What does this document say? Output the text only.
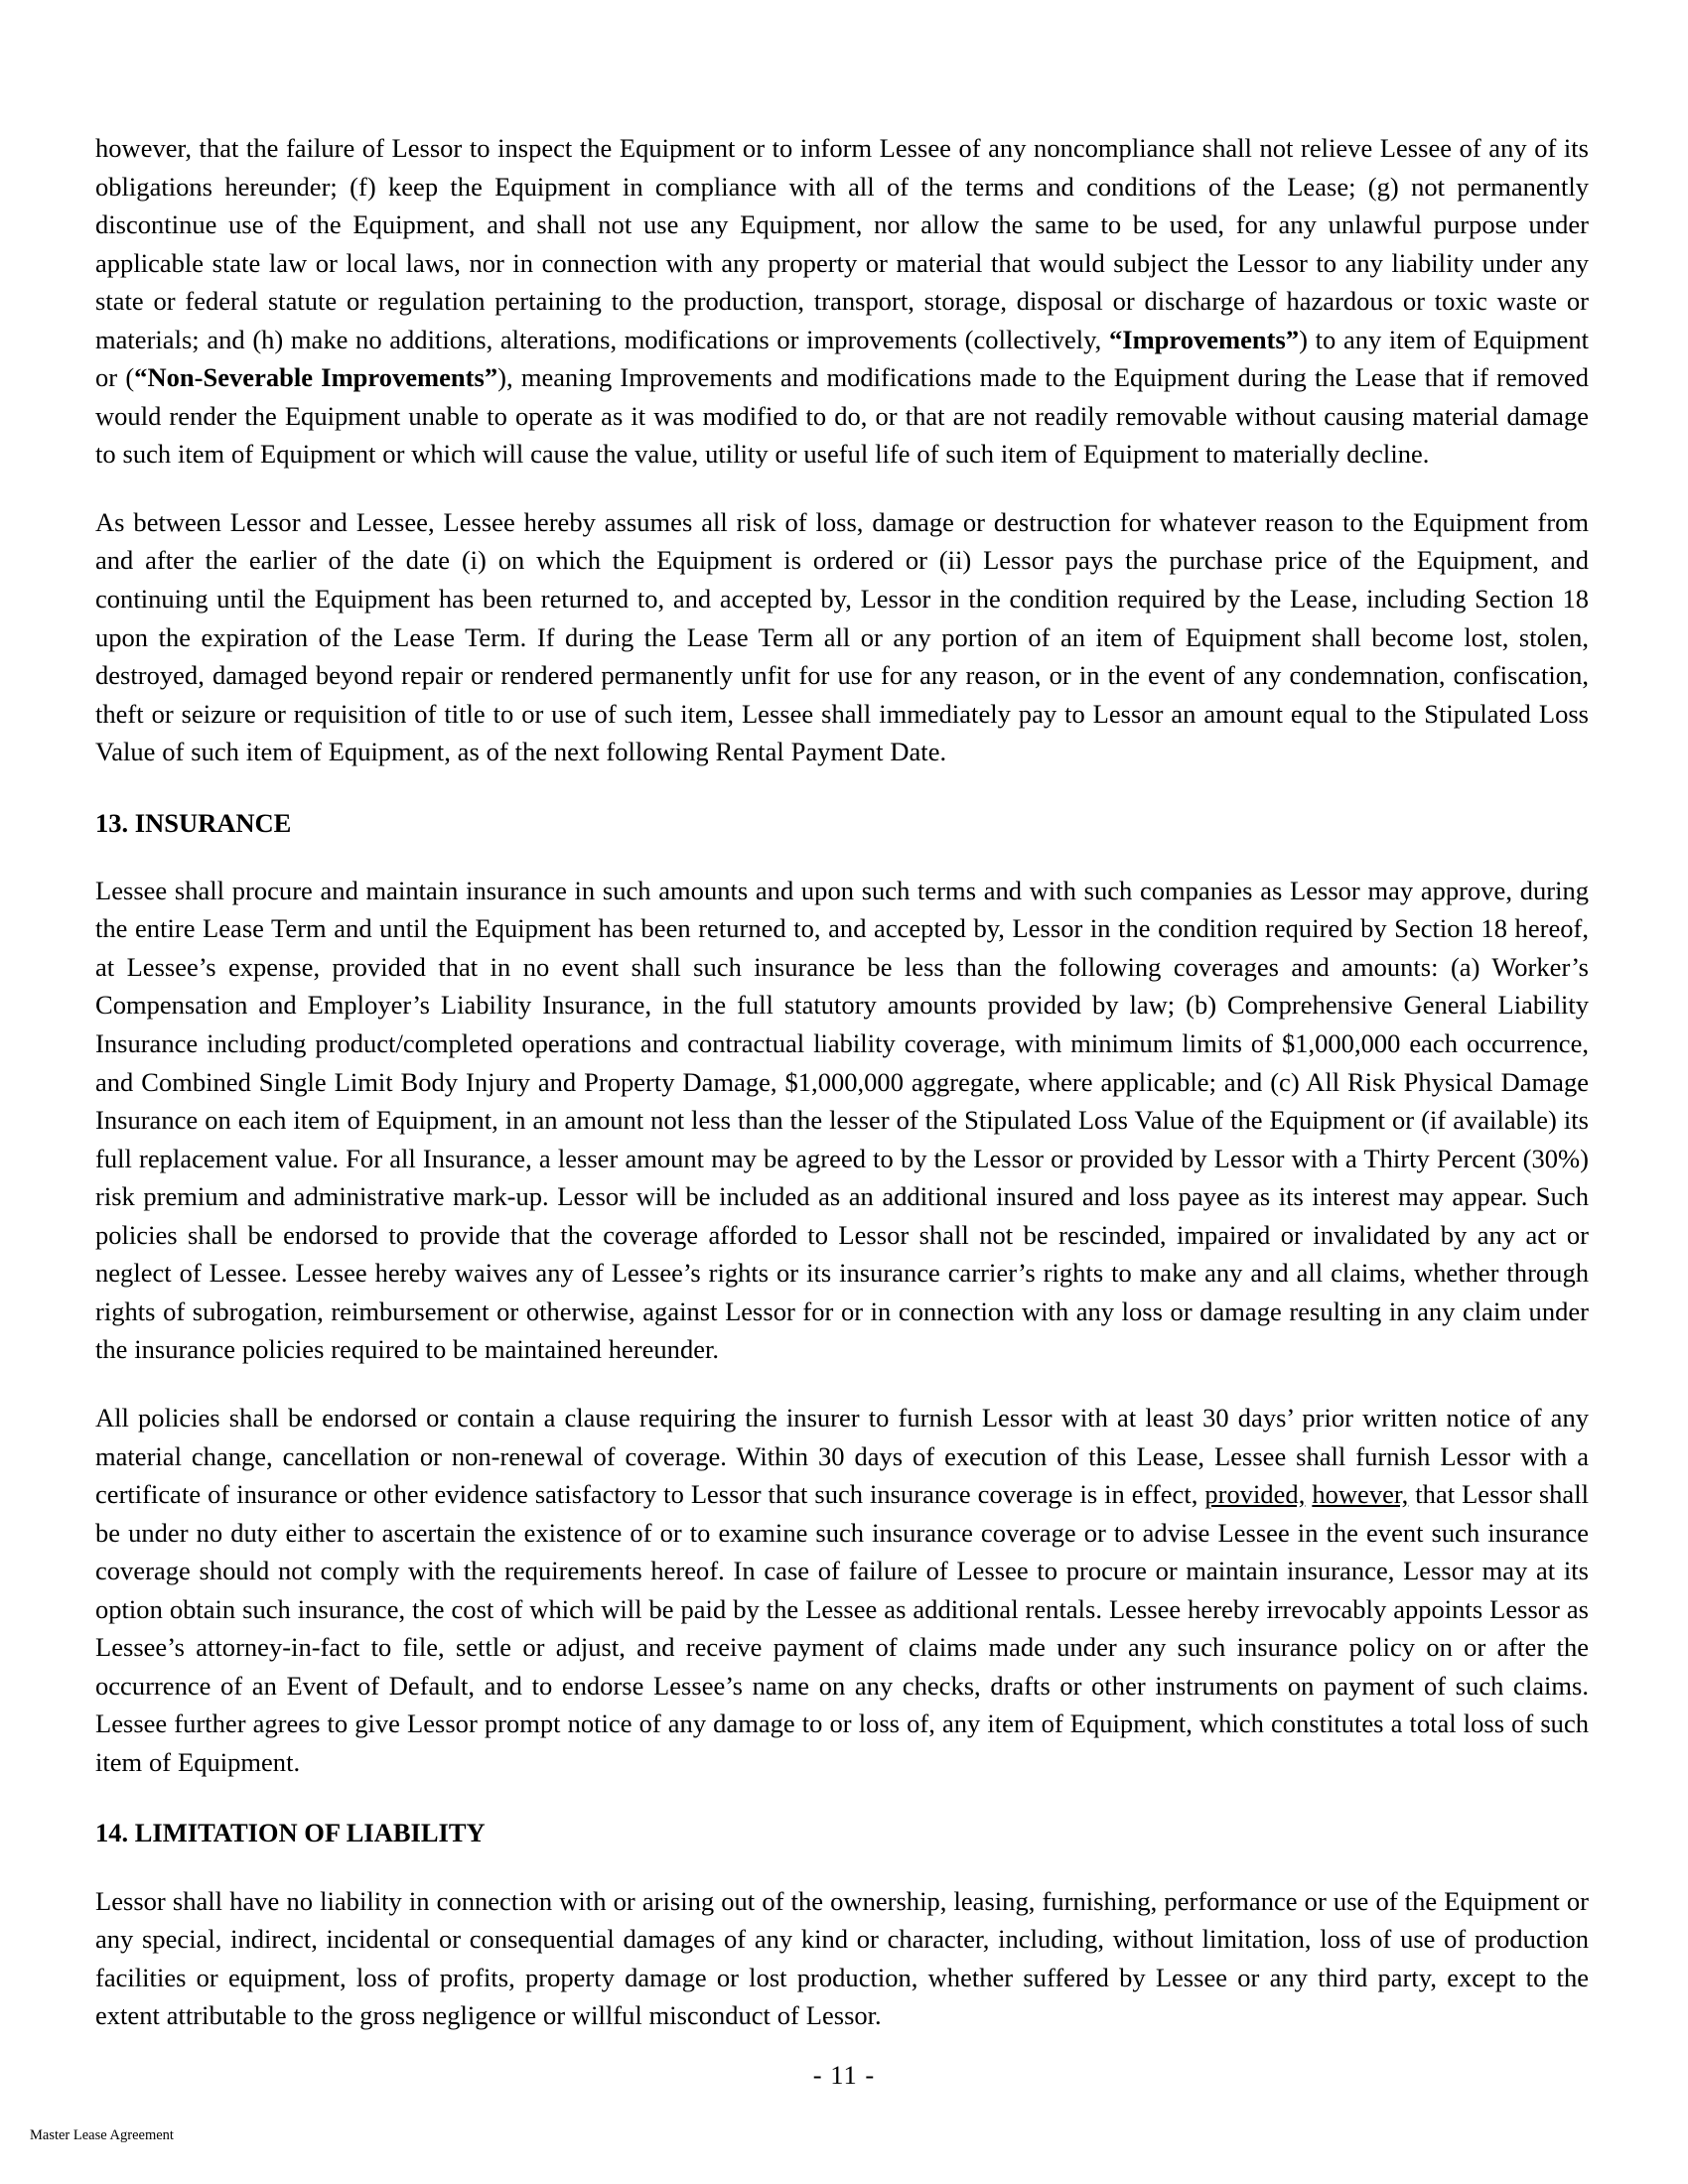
however, that the failure of Lessor to inspect the Equipment or to inform Lessee of any noncompliance shall not relieve Lessee of any of its obligations hereunder; (f) keep the Equipment in compliance with all of the terms and conditions of the Lease; (g) not permanently discontinue use of the Equipment, and shall not use any Equipment, nor allow the same to be used, for any unlawful purpose under applicable state law or local laws, nor in connection with any property or material that would subject the Lessor to any liability under any state or federal statute or regulation pertaining to the production, transport, storage, disposal or discharge of hazardous or toxic waste or materials; and (h) make no additions, alterations, modifications or improvements (collectively, “Improvements”) to any item of Equipment or (“Non-Severable Improvements”), meaning Improvements and modifications made to the Equipment during the Lease that if removed would render the Equipment unable to operate as it was modified to do, or that are not readily removable without causing material damage to such item of Equipment or which will cause the value, utility or useful life of such item of Equipment to materially decline.

As between Lessor and Lessee, Lessee hereby assumes all risk of loss, damage or destruction for whatever reason to the Equipment from and after the earlier of the date (i) on which the Equipment is ordered or (ii) Lessor pays the purchase price of the Equipment, and continuing until the Equipment has been returned to, and accepted by, Lessor in the condition required by the Lease, including Section 18 upon the expiration of the Lease Term. If during the Lease Term all or any portion of an item of Equipment shall become lost, stolen, destroyed, damaged beyond repair or rendered permanently unfit for use for any reason, or in the event of any condemnation, confiscation, theft or seizure or requisition of title to or use of such item, Lessee shall immediately pay to Lessor an amount equal to the Stipulated Loss Value of such item of Equipment, as of the next following Rental Payment Date.

13. INSURANCE

Lessee shall procure and maintain insurance in such amounts and upon such terms and with such companies as Lessor may approve, during the entire Lease Term and until the Equipment has been returned to, and accepted by, Lessor in the condition required by Section 18 hereof, at Lessee’s expense, provided that in no event shall such insurance be less than the following coverages and amounts: (a) Worker’s Compensation and Employer’s Liability Insurance, in the full statutory amounts provided by law; (b) Comprehensive General Liability Insurance including product/completed operations and contractual liability coverage, with minimum limits of $1,000,000 each occurrence, and Combined Single Limit Body Injury and Property Damage, $1,000,000 aggregate, where applicable; and (c) All Risk Physical Damage Insurance on each item of Equipment, in an amount not less than the lesser of the Stipulated Loss Value of the Equipment or (if available) its full replacement value. For all Insurance, a lesser amount may be agreed to by the Lessor or provided by Lessor with a Thirty Percent (30%) risk premium and administrative mark-up. Lessor will be included as an additional insured and loss payee as its interest may appear. Such policies shall be endorsed to provide that the coverage afforded to Lessor shall not be rescinded, impaired or invalidated by any act or neglect of Lessee. Lessee hereby waives any of Lessee’s rights or its insurance carrier’s rights to make any and all claims, whether through rights of subrogation, reimbursement or otherwise, against Lessor for or in connection with any loss or damage resulting in any claim under the insurance policies required to be maintained hereunder.

All policies shall be endorsed or contain a clause requiring the insurer to furnish Lessor with at least 30 days’ prior written notice of any material change, cancellation or non-renewal of coverage. Within 30 days of execution of this Lease, Lessee shall furnish Lessor with a certificate of insurance or other evidence satisfactory to Lessor that such insurance coverage is in effect, provided, however, that Lessor shall be under no duty either to ascertain the existence of or to examine such insurance coverage or to advise Lessee in the event such insurance coverage should not comply with the requirements hereof. In case of failure of Lessee to procure or maintain insurance, Lessor may at its option obtain such insurance, the cost of which will be paid by the Lessee as additional rentals. Lessee hereby irrevocably appoints Lessor as Lessee’s attorney-in-fact to file, settle or adjust, and receive payment of claims made under any such insurance policy on or after the occurrence of an Event of Default, and to endorse Lessee’s name on any checks, drafts or other instruments on payment of such claims. Lessee further agrees to give Lessor prompt notice of any damage to or loss of, any item of Equipment, which constitutes a total loss of such item of Equipment.

14. LIMITATION OF LIABILITY

Lessor shall have no liability in connection with or arising out of the ownership, leasing, furnishing, performance or use of the Equipment or any special, indirect, incidental or consequential damages of any kind or character, including, without limitation, loss of use of production facilities or equipment, loss of profits, property damage or lost production, whether suffered by Lessee or any third party, except to the extent attributable to the gross negligence or willful misconduct of Lessor.

- 11 -
Master Lease Agreement
